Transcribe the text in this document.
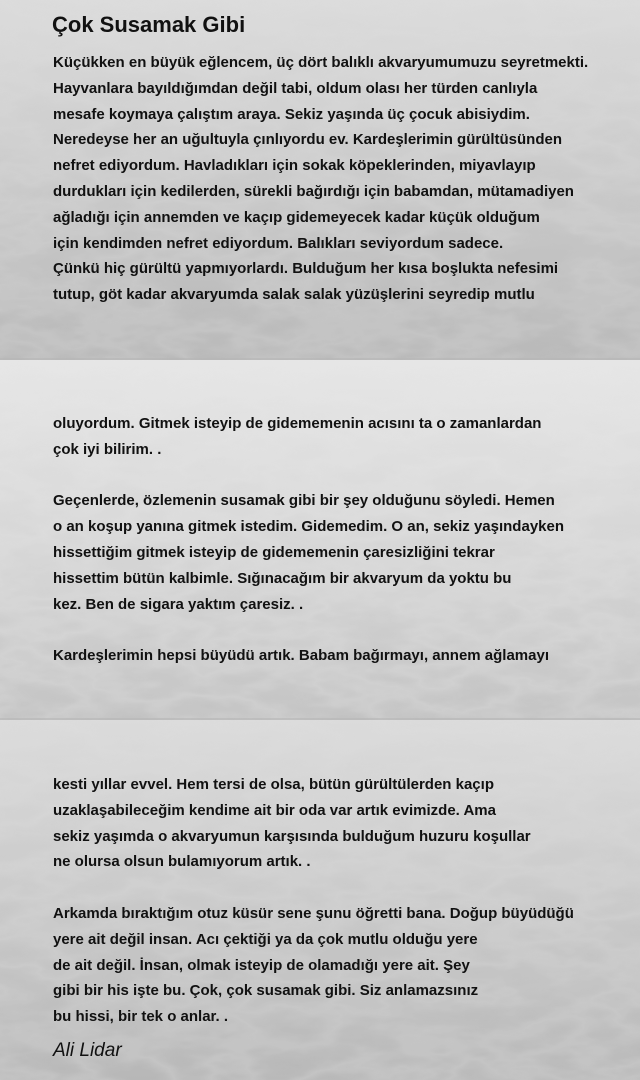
Çok Susamak Gibi
Küçükken en büyük eğlencem, üç dört balıklı akvaryumumuzu seyretmekti.
Hayvanlara bayıldığımdan değil tabi, oldum olası her türden canlıyla
mesafe koymaya çalıştım araya. Sekiz yaşında üç çocuk abisiydim.
Neredeyse her an uğultuyla çınlıyordu ev. Kardeşlerimin gürültüsünden
nefret ediyordum. Havladıkları için sokak köpeklerinden, miyavlayıp
durdukları için kedilerden, sürekli bağırdığı için babamdan, mütamadiyen
ağladığı için annemden ve kaçıp gidemeyecek kadar küçük olduğum
için kendimden nefret ediyordum. Balıkları seviyordum sadece.
Çünkü hiç gürültü yapmıyorlardı. Bulduğum her kısa boşlukta nefesimi
tutup, göt kadar akvaryumda salak salak yüzüşlerini seyredip mutlu
oluyordum. Gitmek isteyip de gidememenin acısını ta o zamanlardan
çok iyi bilirim. .
Geçenlerde, özlemenin susamak gibi bir şey olduğunu söyledi. Hemen
o an koşup yanına gitmek istedim. Gidemedim. O an, sekiz yaşındayken
hissettiğim gitmek isteyip de gidememenin çaresizliğini tekrar
hissettim bütün kalbimle. Sığınacağım bir akvaryum da yoktu bu
kez. Ben de sigara yaktım çaresiz. .
Kardeşlerimin hepsi büyüdü artık. Babam bağırmayı, annem ağlamayı
kesti yıllar evvel. Hem tersi de olsa, bütün gürültülerden kaçıp
uzaklaşabileceğim kendime ait bir oda var artık evimizde. Ama
sekiz yaşımda o akvaryumun karşısında bulduğum huzuru koşullar
ne olursa olsun bulamıyorum artık. .
Arkamda bıraktığım otuz küsür sene şunu öğretti bana. Doğup büyüdüğü
yere ait değil insan. Acı çektiği ya da çok mutlu olduğu yere
de ait değil. İnsan, olmak isteyip de olamadığı yere ait. Şey
gibi bir his işte bu. Çok, çok susamak gibi. Siz anlamazsınız
bu hissi, bir tek o anlar. .
Ali Lidar
